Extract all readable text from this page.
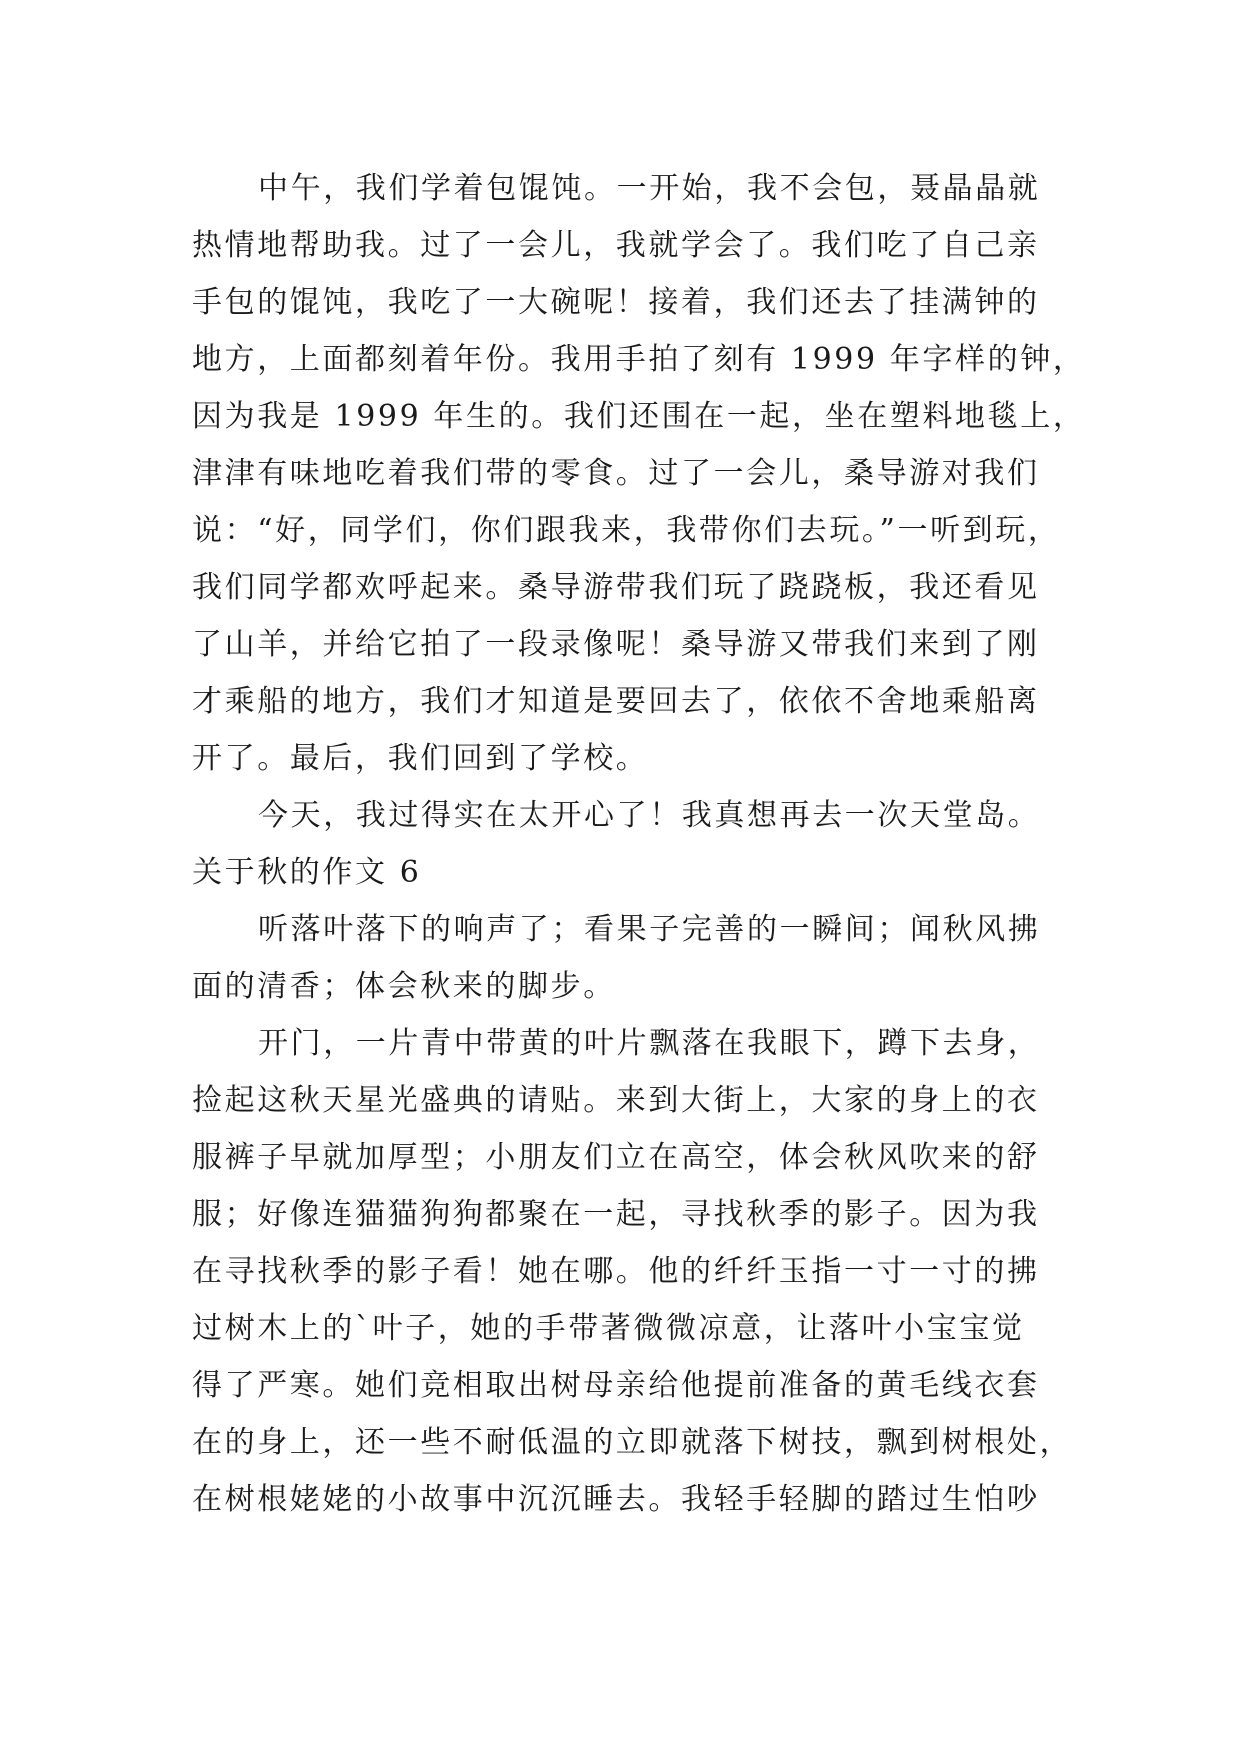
中午，我们学着包馄饨。一开始，我不会包，聂晶晶就
热情地帮助我。过了一会儿，我就学会了。我们吃了自己亲
手包的馄饨，我吃了一大碗呢！接着，我们还去了挂满钟的
地方，上面都刻着年份。我用手拍了刻有 1999 年字样的钟，
因为我是 1999 年生的。我们还围在一起，坐在塑料地毯上，
津津有味地吃着我们带的零食。过了一会儿，桑导游对我们
说：“好，同学们，你们跟我来，我带你们去玩。”一听到玩，
我们同学都欢呼起来。桑导游带我们玩了跷跷板，我还看见
了山羊，并给它拍了一段录像呢！桑导游又带我们来到了刚
才乘船的地方，我们才知道是要回去了，依依不舍地乘船离
开了。最后，我们回到了学校。

今天，我过得实在太开心了！我真想再去一次天堂岛。

关于秋的作文 6

听落叶落下的响声了；看果子完善的一瞬间；闻秋风拂
面的清香；体会秋来的脚步。

开门，一片青中带黄的叶片飘落在我眼下，蹲下去身，
捡起这秋天星光盛典的请贴。来到大街上，大家的身上的衣
服裤子早就加厚型；小朋友们立在高空，体会秋风吹来的舒
服；好像连猫猫狗狗都聚在一起，寻找秋季的影子。因为我
在寻找秋季的影子看！她在哪。他的纤纤玉指一寸一寸的拂
过树木上的`叶子，她的手带著微微凉意，让落叶小宝宝觉
得了严寒。她们竞相取出树母亲给他提前准备的黄毛线衣套
在的身上，还一些不耐低温的立即就落下树技，飘到树根处，
在树根姥姥的小故事中沉沉睡去。我轻手轻脚的踏过生怕吵
